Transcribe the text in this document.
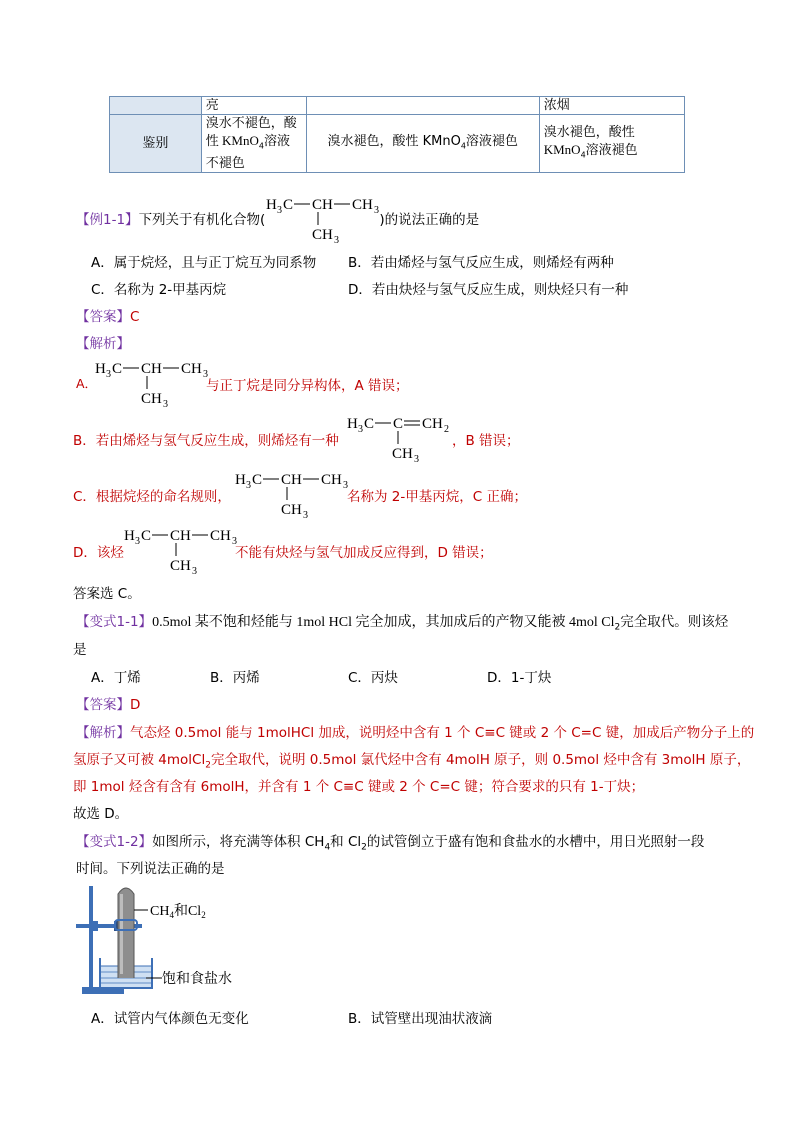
	亮		浓烟
鉴别	溴水不褪色，酸
性 KMnO$_4$溶液
不褪色	溴水褪色，酸性 KMnO$_4$溶液褪色	溴水褪色，酸性
KMnO$_4$溶液褪色
【例1-1】下列关于有机化合物(	)的说法正确的是
H 3 C CH CH 3
CH 3
A．属于烷烃，且与正丁烷互为同系物 B．若由烯烃与氢气反应生成，则烯烃有两种
C．名称为 2-甲基丙烷	D．若由炔烃与氢气反应生成，则炔烃只有一种
【答案】C
【解析】
A．
H 3 C CH CH 3
CH 3
与正丁烷是同分异构体，A 错误；
B．若由烯烃与氢气反应生成，则烯烃有一种
H 3 C C CH 2
CH 3
，B 错误；
C．根据烷烃的命名规则，
H 3 C CH CH 3
CH 3
名称为 2-甲基丙烷，C 正确；
D．该烃
H 3 C CH CH 3
CH 3
不能有炔烃与氢气加成反应得到，D 错误；
答案选 C。
【变式1-1】0.5mol 某不饱和烃能与 1mol HCl 完全加成，其加成后的产物又能被 4mol $Cl_2$完全取代。则该烃
是
A．丁烯	B．丙烯	C．丙炔	D．1-丁炔
【答案】D
【解析】气态烃 0.5mol 能与 1molHCl 加成，说明烃中含有 1 个 C≡C 键或 2 个 C=C 键，加成后产物分子上的
氢原子又可被 4molCl$_2$完全取代，说明 0.5mol 氯代烃中含有 4molH 原子，则 0.5mol 烃中含有 3molH 原子，
即 1mol 烃含有含有 6molH，并含有 1 个 C≡C 键或 2 个 C=C 键；符合要求的只有 1-丁炔；
故选 D。
【变式1-2】如图所示，将充满等体积 $CH_4$和 $Cl_2$的试管倒立于盛有饱和食盐水的水槽中，用日光照射一段
时间。下列说法正确的是
$CH_4$和$Cl_2$
饱和食盐水
A．试管内气体颜色无变化	B．试管壁出现油状液滴
